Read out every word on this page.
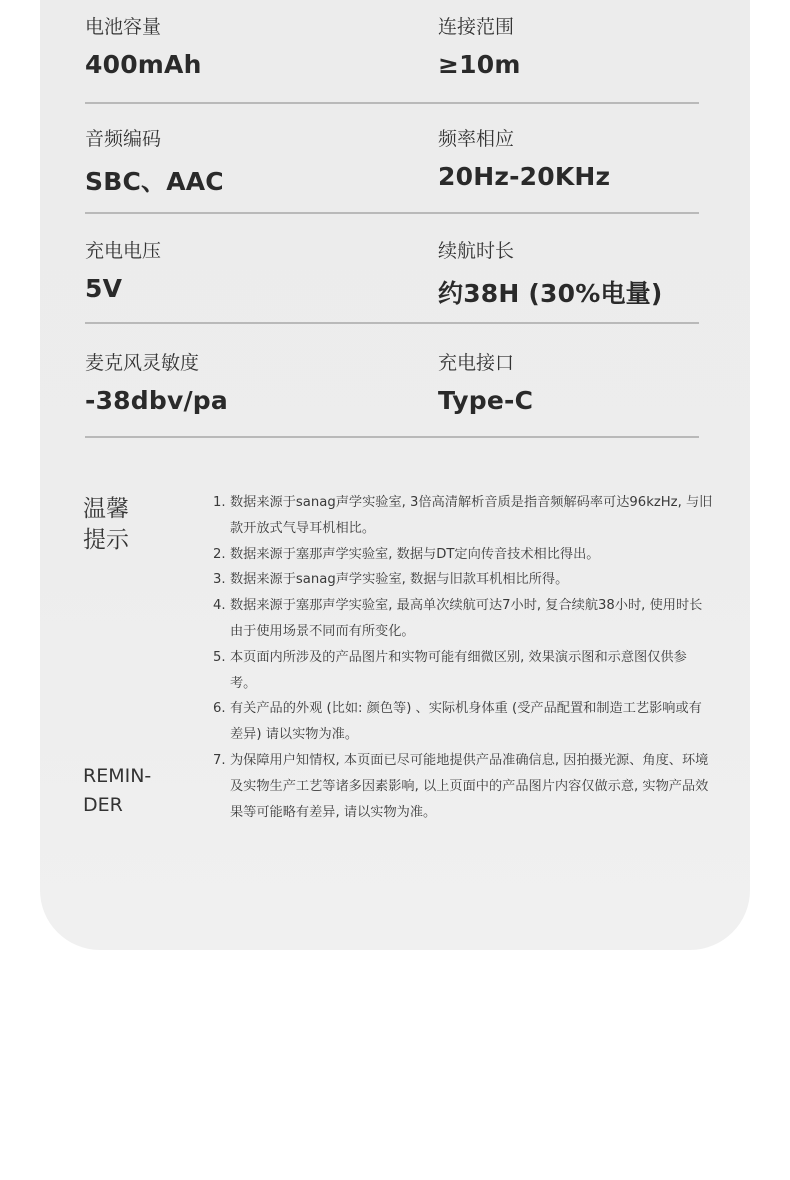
电池容量
400mAh
连接范围
≥10m
音频编码
SBC、AAC
频率相应
20Hz-20KHz
充电电压
5V
续航时长
约38H (30%电量)
麦克风灵敏度
-38dbv/pa
充电接口
Type-C
温馨
提示
REMIN-
DER
1. 数据来源于sanag声学实验室, 3倍高清解析音质是指音频解码率可达96kzHz, 与旧款开放式气导耳机相比。
2. 数据来源于塞那声学实验室, 数据与DT定向传音技术相比得出。
3. 数据来源于sanag声学实验室, 数据与旧款耳机相比所得。
4. 数据来源于塞那声学实验室, 最高单次续航可达7小时, 复合续航38小时, 使用时长由于使用场景不同而有所变化。
5. 本页面内所涉及的产品图片和实物可能有细微区别, 效果演示图和示意图仅供参考。
6. 有关产品的外观 (比如: 颜色等) 、实际机身体重 (受产品配置和制造工艺影响或有差异) 请以实物为准。
7. 为保障用户知情权, 本页面已尽可能地提供产品准确信息, 因拍摄光源、角度、环境及实物生产工艺等诸多因素影响, 以上页面中的产品图片内容仅做示意, 实物产品效果等可能略有差异, 请以实物为准。
